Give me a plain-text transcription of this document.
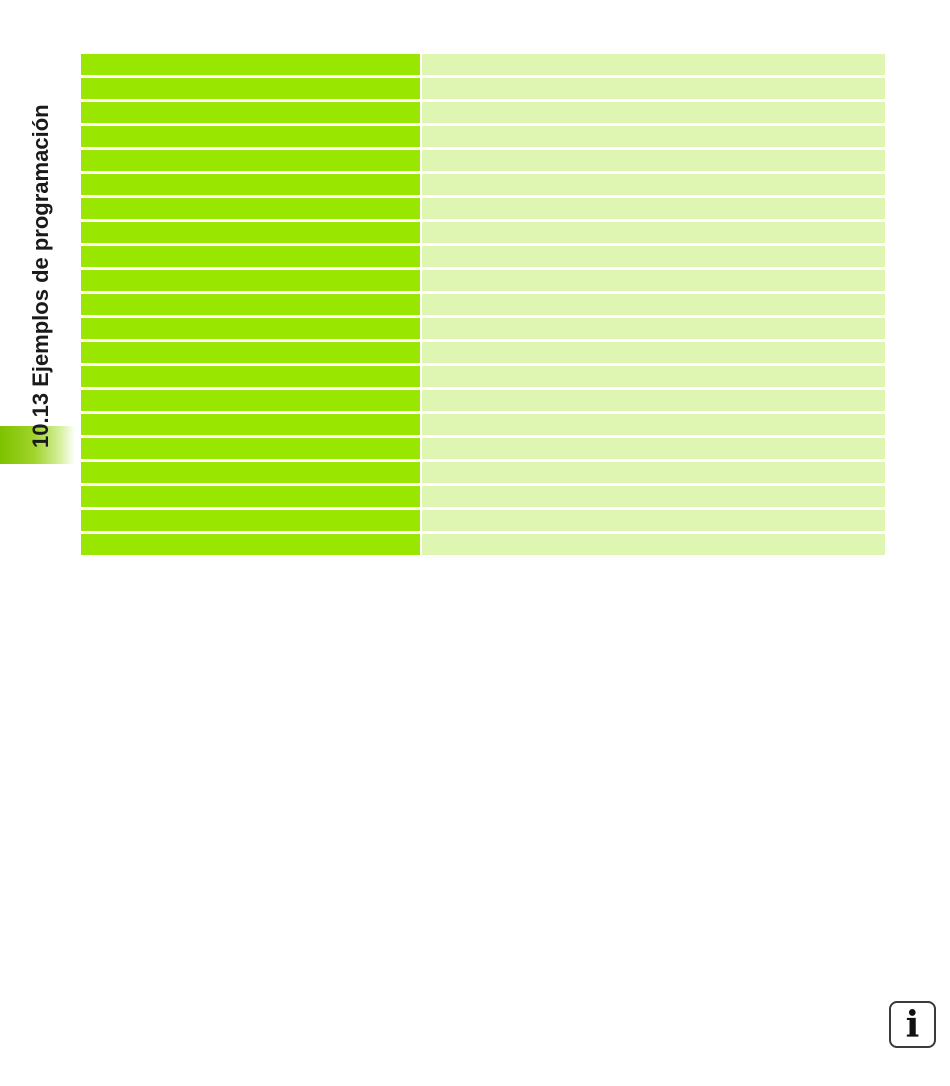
10.13 Ejemplos de programación
i
